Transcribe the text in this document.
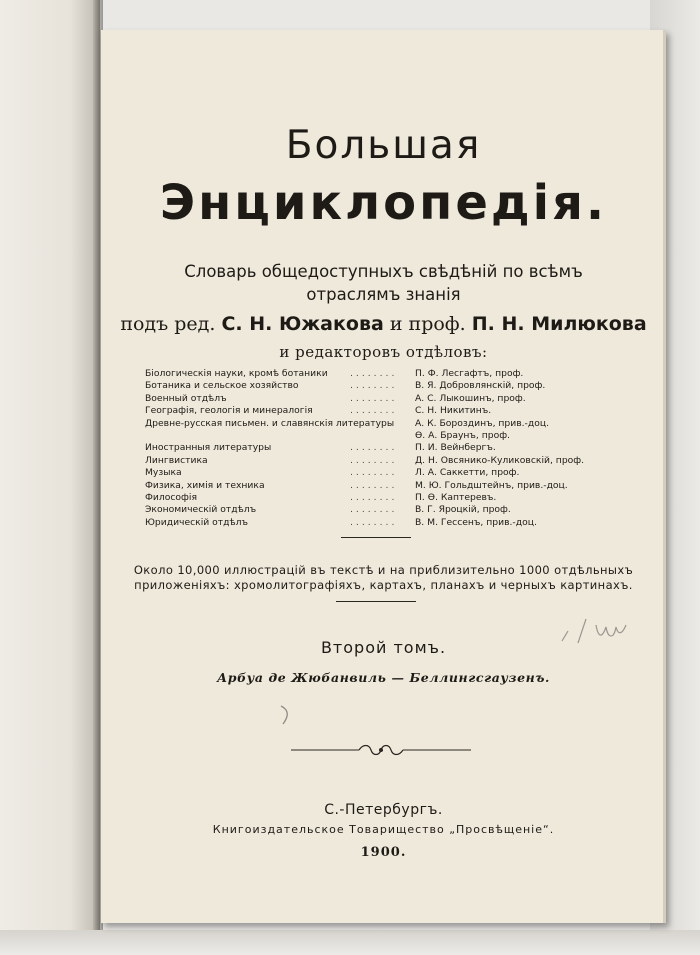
Большая
Энциклопедія.
Словарь общедоступныхъ свѣдѣній по всѣмъ
отраслямъ знанія
подъ ред. С. Н. Южакова и проф. П. Н. Милюкова
и редакторовъ отдѣловъ:
Біологическія науки, кромѣ ботаники ........ П. Ф. Лесгафтъ, проф.
Ботаника и сельское хозяйство	........ В. Я. Добровлянскій, проф.
Военный отдѣлъ	........ А. С. Лыкошинъ, проф.
Географія, геологія и минералогія	........ С. Н. Никитинъ.
Древне-русская письмен. и славянскія литературы А. К. Бороздинъ, прив.-доц.
Ѳ. А. Браунъ, проф.
Иностранныя литературы	........ П. И. Вейнбергъ.
Лингвистика	........ Д. Н. Овсянико-Куликовскій, проф.
Музыка	........ Л. А. Саккетти, проф.
Физика, химія и техника	........ М. Ю. Гольдштейнъ, прив.-доц.
Философія	........ П. Ѳ. Каптеревъ.
Экономическій отдѣлъ	........ В. Г. Яроцкій, проф.
Юридическій отдѣлъ	........ В. М. Гессенъ, прив.-доц.
Около 10,000 иллюстрацій въ текстѣ и на приблизительно 1000 отдѣльныхъ
приложеніяхъ: хромолитографіяхъ, картахъ, планахъ и черныхъ картинахъ.
Второй томъ.
Арбуа де Жюбанвиль — Беллингсгаузенъ.
С.-Петербургъ.
Книгоиздательское Товарищество „Просвѣщеніе“.
1900.
